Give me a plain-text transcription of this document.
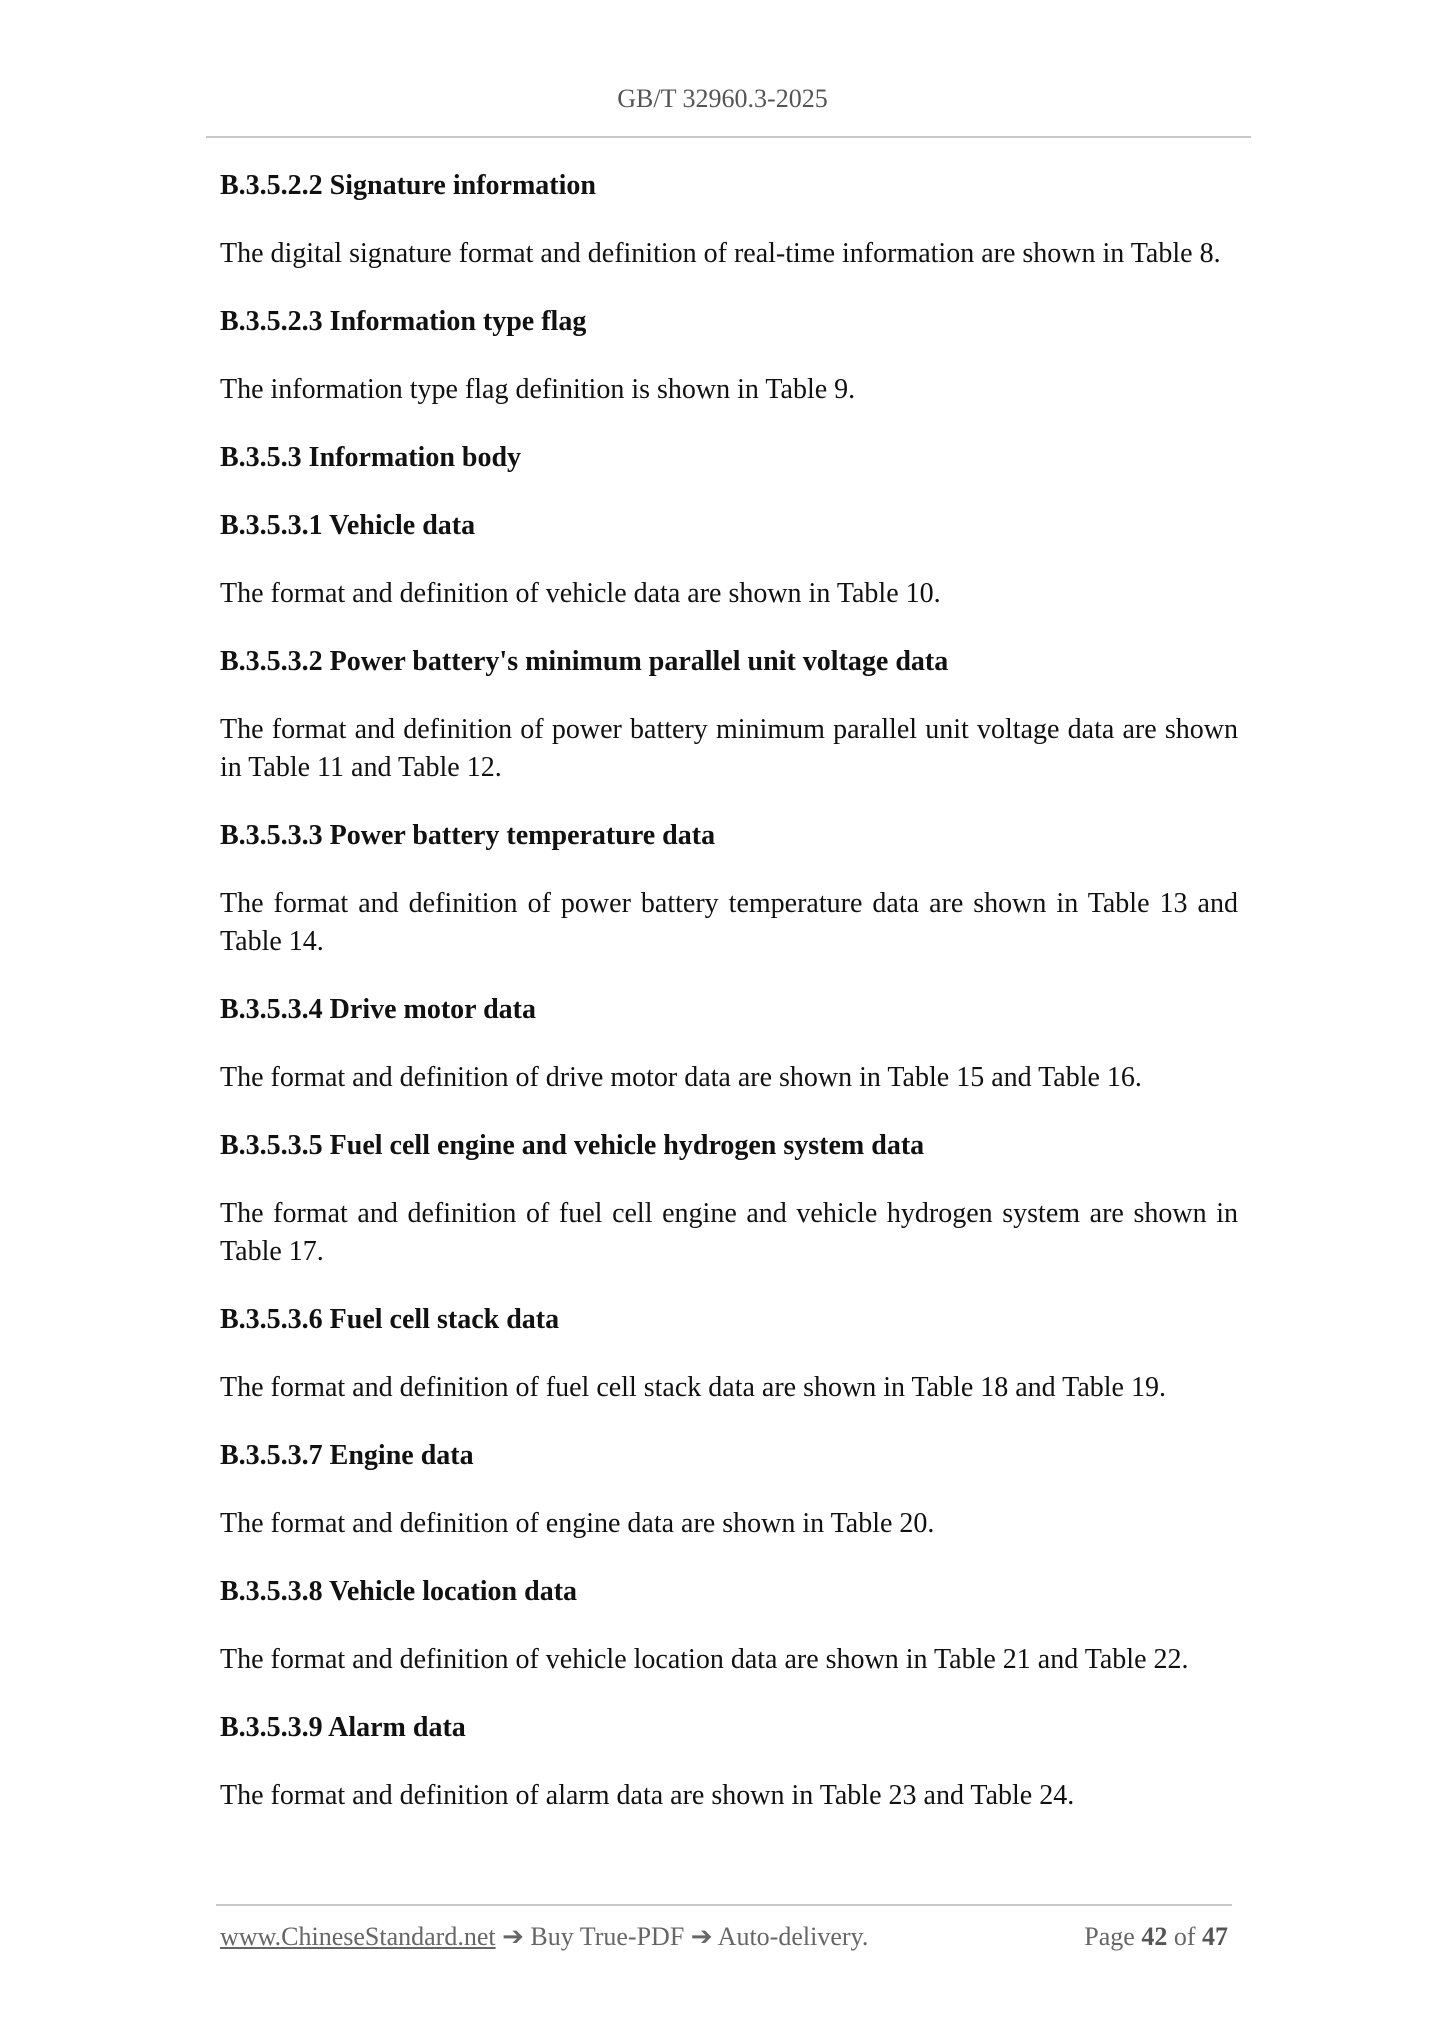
GB/T 32960.3-2025
B.3.5.2.2 Signature information
The digital signature format and definition of real-time information are shown in Table 8.
B.3.5.2.3 Information type flag
The information type flag definition is shown in Table 9.
B.3.5.3 Information body
B.3.5.3.1 Vehicle data
The format and definition of vehicle data are shown in Table 10.
B.3.5.3.2 Power battery's minimum parallel unit voltage data
The format and definition of power battery minimum parallel unit voltage data are shown in Table 11 and Table 12.
B.3.5.3.3 Power battery temperature data
The format and definition of power battery temperature data are shown in Table 13 and Table 14.
B.3.5.3.4 Drive motor data
The format and definition of drive motor data are shown in Table 15 and Table 16.
B.3.5.3.5 Fuel cell engine and vehicle hydrogen system data
The format and definition of fuel cell engine and vehicle hydrogen system are shown in Table 17.
B.3.5.3.6 Fuel cell stack data
The format and definition of fuel cell stack data are shown in Table 18 and Table 19.
B.3.5.3.7 Engine data
The format and definition of engine data are shown in Table 20.
B.3.5.3.8 Vehicle location data
The format and definition of vehicle location data are shown in Table 21 and Table 22.
B.3.5.3.9 Alarm data
The format and definition of alarm data are shown in Table 23 and Table 24.
www.ChineseStandard.net ➔ Buy True-PDF ➔ Auto-delivery.	Page 42 of 47
